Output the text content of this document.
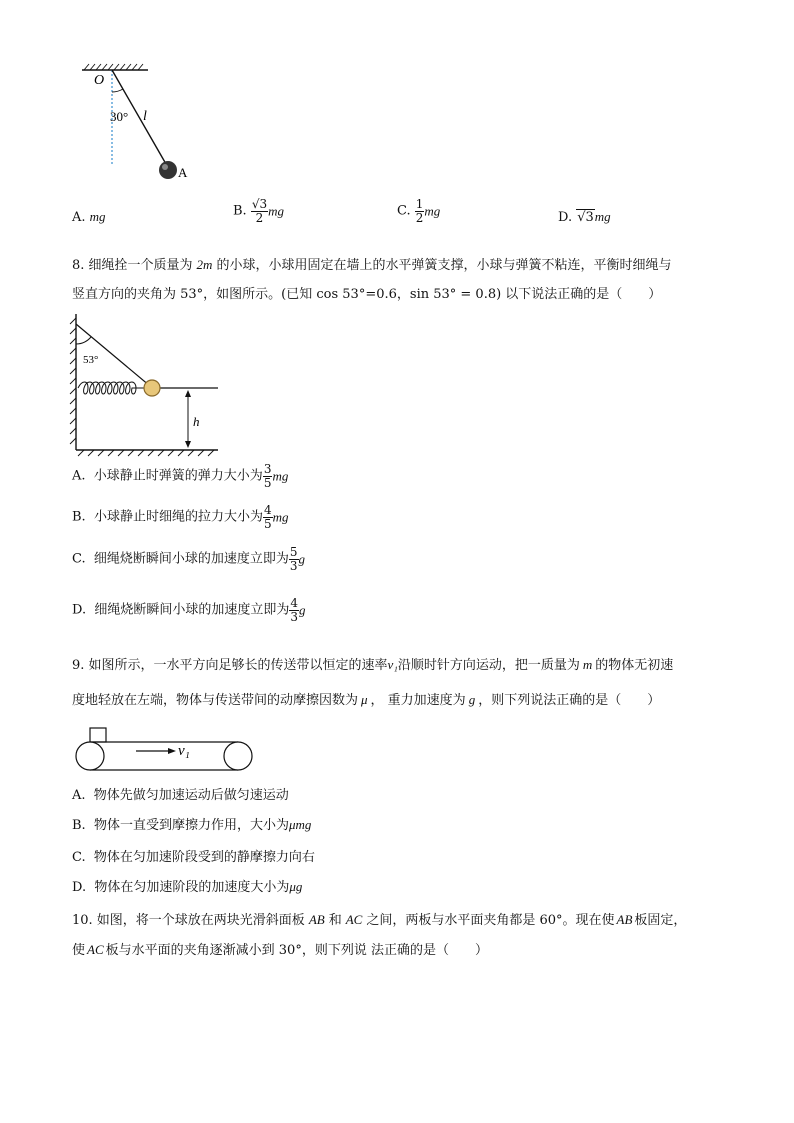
O
30° l
A
A. mg	B. $\frac{√3}{2}$ mg	C. $\frac{1}{2}$ mg	D. √3mg
8. 细绳拴一个质量为 2m 的小球，小球用固定在墙上的水平弹簧支撑，小球与弹簧不粘连，平衡时细绳与
竖直方向的夹角为 53°，如图所示。(已知 cos 53°=0.6，sin 53° = 0.8) 以下说法正确的是（　　）
53°
h
A. 小球静止时弹簧的弹力大小为 $\frac{3}{5}$ mg
B. 小球静止时细绳的拉力大小为 $\frac{4}{5}$ mg
C. 细绳烧断瞬间小球的加速度立即为 $\frac{5}{3}$ g
D. 细绳烧断瞬间小球的加速度立即为 $\frac{4}{3}$ g
9. 如图所示，一水平方向足够长的传送带以恒定的速率v₁沿顺时针方向运动，把一质量为 m 的物体无初速
度地轻放在左端，物体与传送带间的动摩擦因数为 μ ， 重力加速度为 g ，则下列说法正确的是（　　）
v₁
A. 物体先做匀加速运动后做匀速运动
B. 物体一直受到摩擦力作用，大小为μmg
C. 物体在匀加速阶段受到的静摩擦力向右
D. 物体在匀加速阶段的加速度大小为μg
10. 如图，将一个球放在两块光滑斜面板 AB 和 AC 之间，两板与水平面夹角都是 60°。现在使 AB 板固定，
使 AC 板与水平面的夹角逐渐减小到 30°，则下列说 法正确的是（　　）
